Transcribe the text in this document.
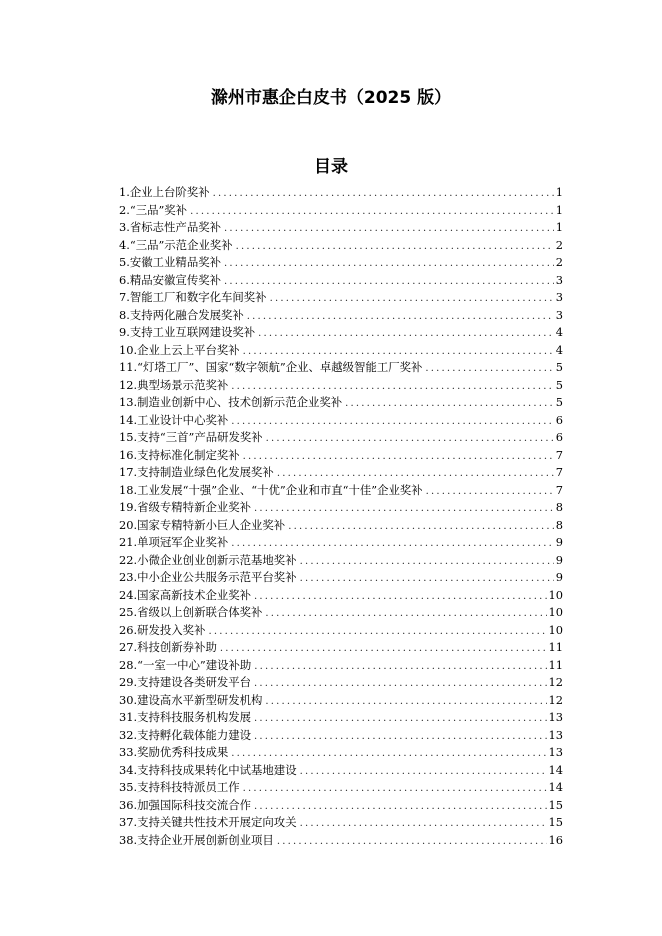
滁州市惠企白皮书（2025 版）
目录
1.企业上台阶奖补 .....	1
2.“三品”奖补 .....	1
3.省标志性产品奖补 .....	1
4.“三品”示范企业奖补 .....	2
5.安徽工业精品奖补 .....	2
6.精品安徽宣传奖补 .....	3
7.智能工厂和数字化车间奖补 .....	3
8.支持两化融合发展奖补 .....	3
9.支持工业互联网建设奖补 .....	4
10.企业上云上平台奖补 .....	4
11.“灯塔工厂”、国家“数字领航”企业、卓越级智能工厂奖补 .....	5
12.典型场景示范奖补 .....	5
13.制造业创新中心、技术创新示范企业奖补 .....	5
14.工业设计中心奖补 .....	6
15.支持“三首”产品研发奖补 .....	6
16.支持标准化制定奖补 .....	7
17.支持制造业绿色化发展奖补 .....	7
18.工业发展“十强”企业、“十优”企业和市直“十佳”企业奖补 .....	7
19.省级专精特新企业奖补 .....	8
20.国家专精特新小巨人企业奖补 .....	8
21.单项冠军企业奖补 .....	9
22.小微企业创业创新示范基地奖补 .....	9
23.中小企业公共服务示范平台奖补 .....	9
24.国家高新技术企业奖补 .....	10
25.省级以上创新联合体奖补 .....	10
26.研发投入奖补 .....	10
27.科技创新券补助 .....	11
28.“一室一中心”建设补助 .....	11
29.支持建设各类研发平台 .....	12
30.建设高水平新型研发机构 .....	12
31.支持科技服务机构发展 .....	13
32.支持孵化载体能力建设 .....	13
33.奖励优秀科技成果 .....	13
34.支持科技成果转化中试基地建设 .....	14
35.支持科技特派员工作 .....	14
36.加强国际科技交流合作 .....	15
37.支持关键共性技术开展定向攻关 .....	15
38.支持企业开展创新创业项目 .....	16
